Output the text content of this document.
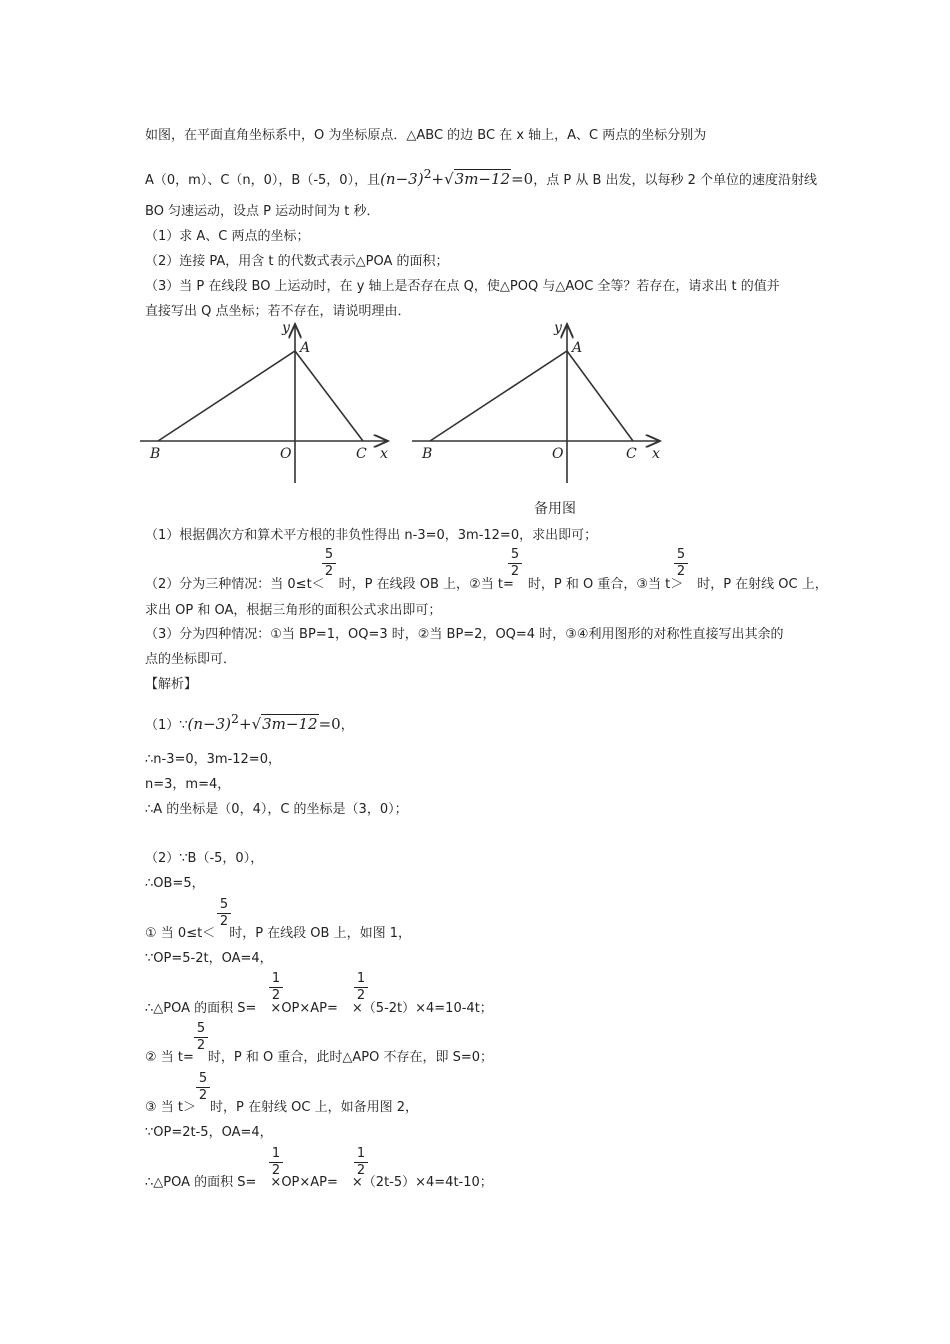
如图，在平面直角坐标系中，O 为坐标原点．△ABC 的边 BC 在 x 轴上，A、C 两点的坐标分别为
A（0，m）、C（n，0），B（-5，0），且$(n-3)^2+√3m-12=0$，点 P 从 B 出发，以每秒 2 个单位的速度沿射线
BO 匀速运动，设点 P 运动时间为 t 秒．
（1）求 A、C 两点的坐标；
（2）连接 PA，用含 t 的代数式表示△POA 的面积；
（3）当 P 在线段 BO 上运动时，在 y 轴上是否存在点 Q，使△POQ 与△AOC 全等？若存在，请求出 t 的值并
直接写出 Q 点坐标；若不存在，请说明理由．
y
A
B	O	C x
y
A
B	O	C x
备用图
（1）根据偶次方和算术平方根的非负性得出 n-3=0，3m-12=0，求出即可；
5
2
5
2
5
2
（2）分为三种情况：当 0≤t＜ 时，P 在线段 OB 上，②当 t= 时，P 和 O 重合，③当 t＞ 时，P 在射线 OC 上，
求出 OP 和 OA，根据三角形的面积公式求出即可；
（3）分为四种情况：①当 BP=1，OQ=3 时，②当 BP=2，OQ=4 时，③④利用图形的对称性直接写出其余的
点的坐标即可．
【解析】
$(1)\because(n-3)^2+√3m-12=0$，
∴n-3=0，3m-12=0，
n=3，m=4，
∴A 的坐标是（0，4），C 的坐标是（3，0）；
（2）∵B（-5，0），
∴OB=5，
5
2
① 当 0≤t＜ 时，P 在线段 OB 上，如图 1，
∵OP=5-2t，OA=4，
1
2
1
2
∴△POA 的面积 S= ×OP×AP= ×（5-2t）×4=10-4t；
5
2
② 当 t= 时，P 和 O 重合，此时△APO 不存在，即 S=0；
5
2
③ 当 t＞ 时，P 在射线 OC 上，如备用图 2，
∵OP=2t-5，OA=4，
1
2
1
2
∴△POA 的面积 S= ×OP×AP= ×（2t-5）×4=4t-10；
